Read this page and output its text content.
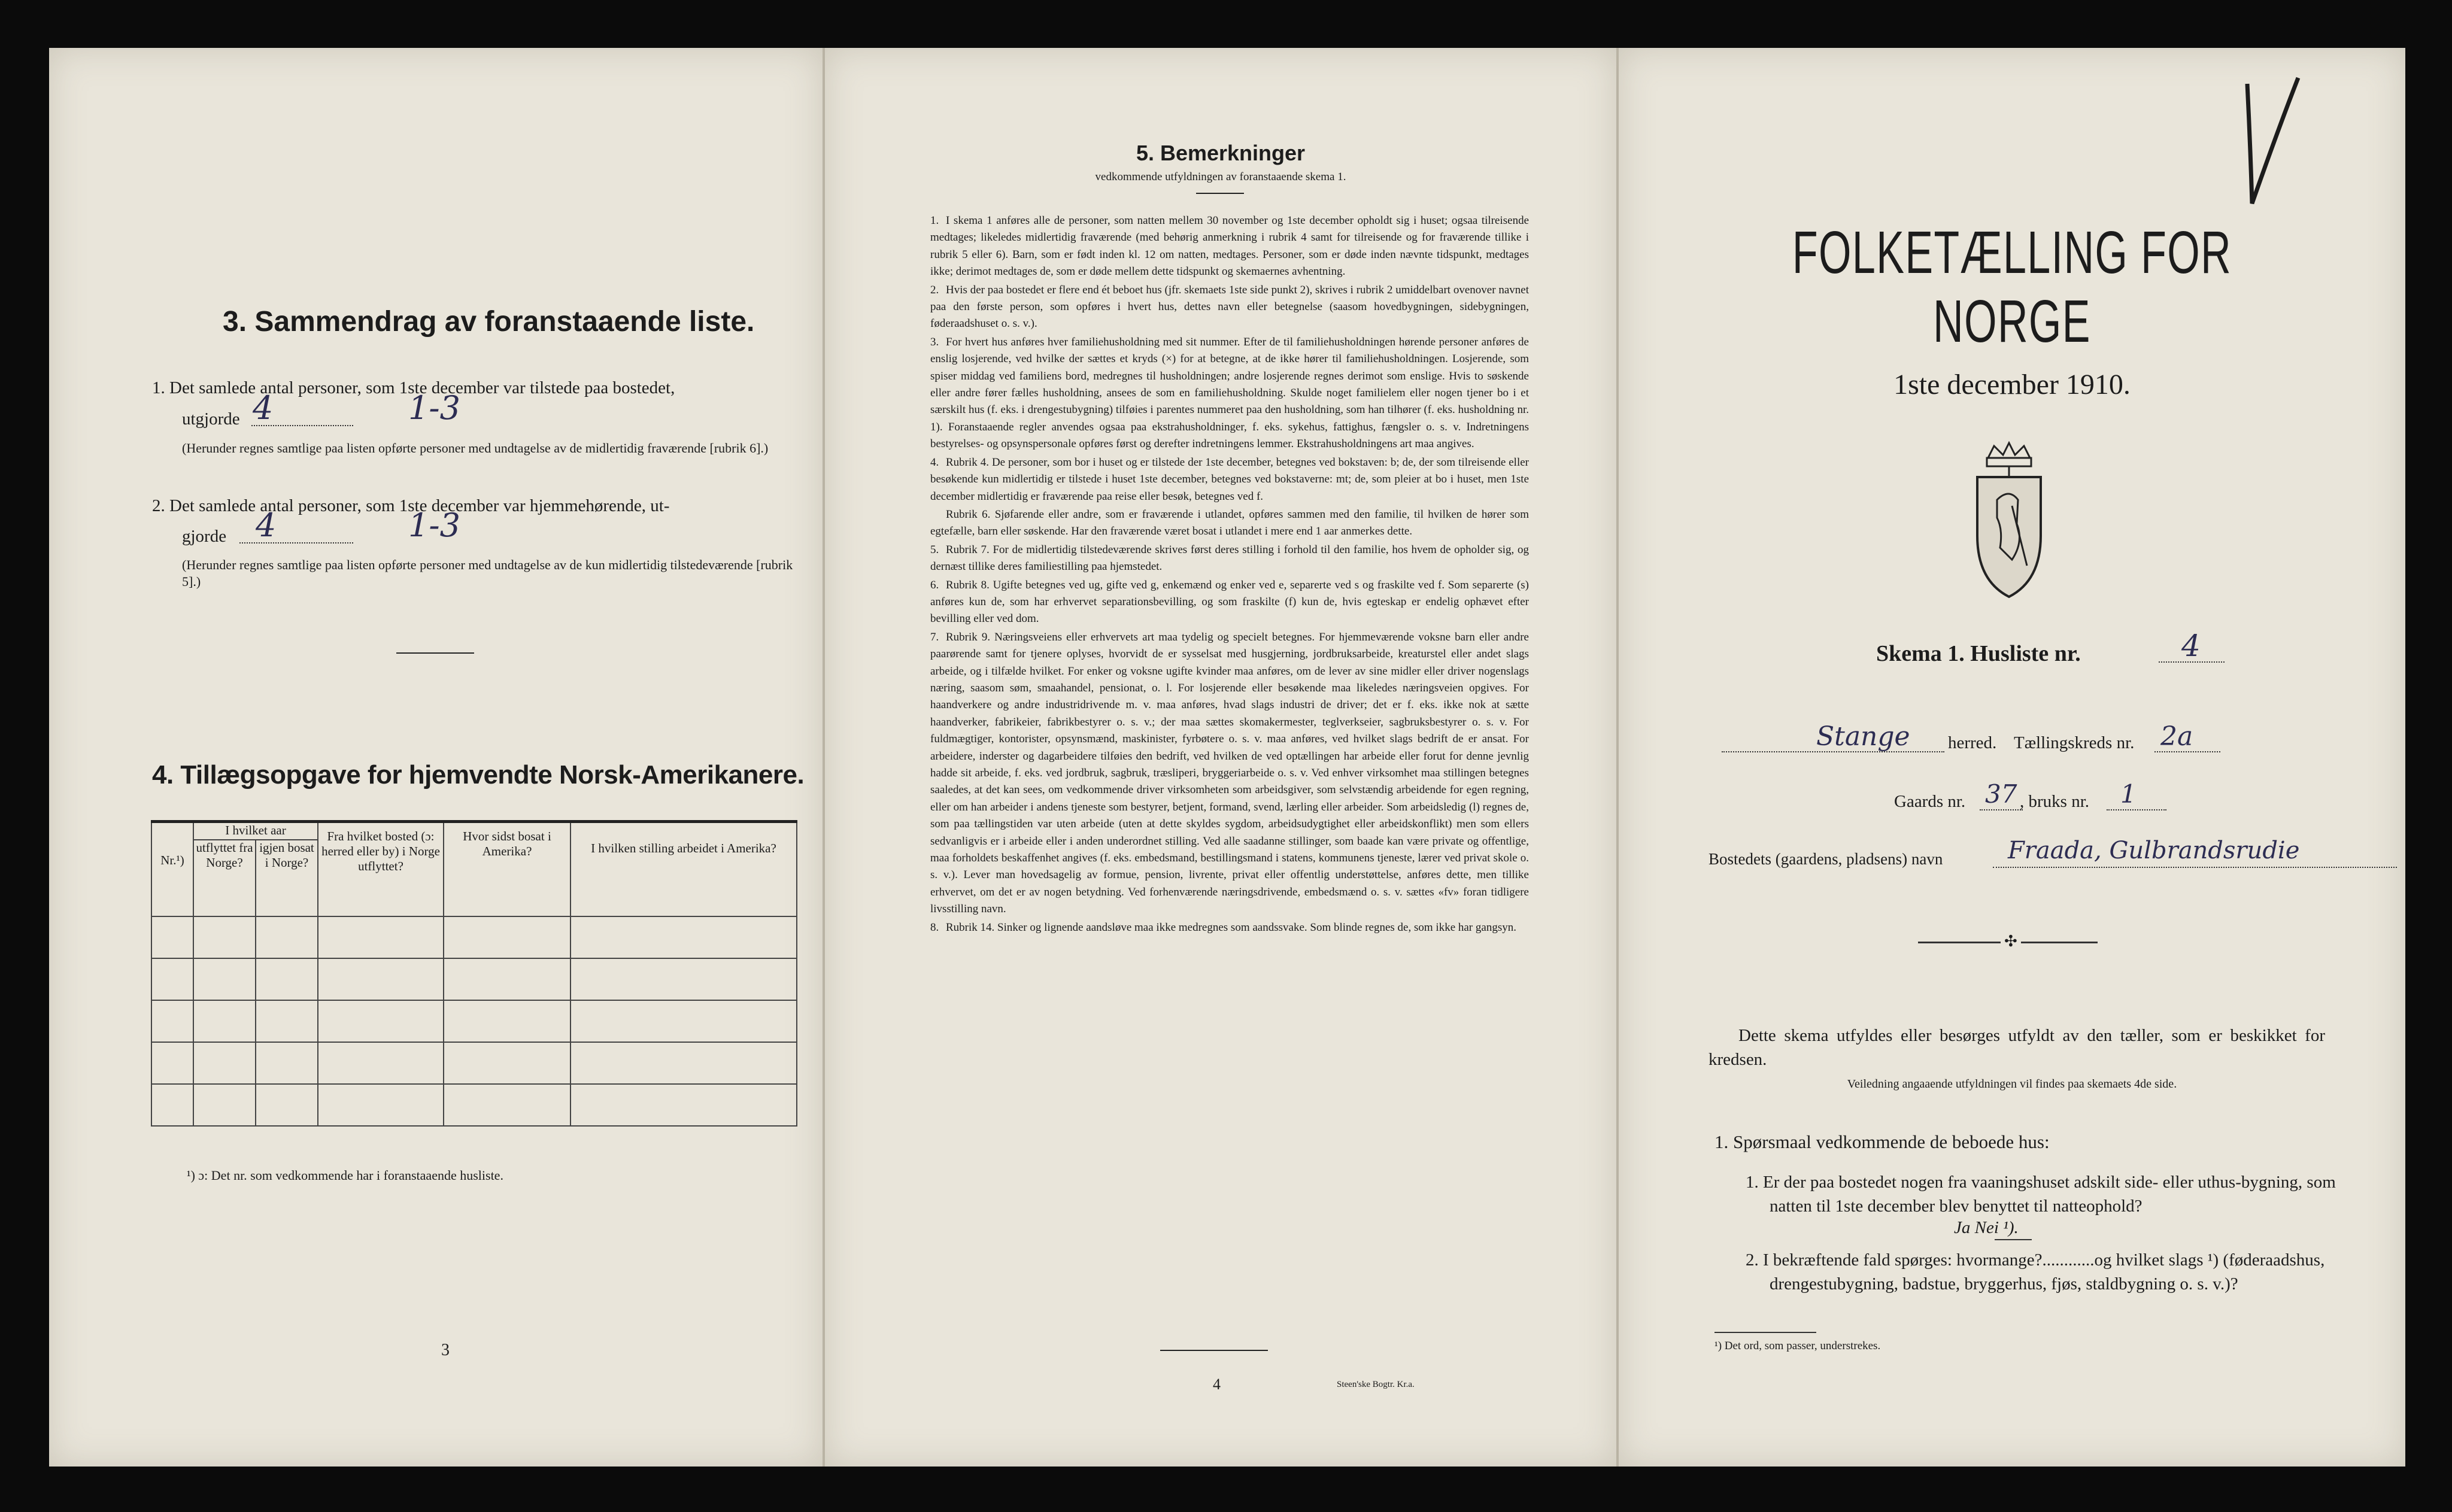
3. Sammendrag av foranstaaende liste.
1. Det samlede antal personer, som 1ste december var tilstede paa bostedet,
utgjorde 4	1-3
(Herunder regnes samtlige paa listen opførte personer med undtagelse av de midlertidig fraværende [rubrik 6].)
2. Det samlede antal personer, som 1ste december var hjemmehørende, ut-
gjorde 4	1-3
(Herunder regnes samtlige paa listen opførte personer med undtagelse av de kun midlertidig tilstedeværende [rubrik 5].)
4. Tillægsopgave for hjemvendte Norsk-Amerikanere.
Nr.¹)	I hvilket aar		Fra hvilket bosted (ɔ: herred eller by) i Norge utflyttet?	Hvor sidst bosat i Amerika?	I hvilken stilling arbeidet i Amerika?
	utflyttet fra Norge?	igjen bosat i Norge?			

¹) ɔ: Det nr. som vedkommende har i foranstaaende husliste.
3
5. Bemerkninger
vedkommende utfyldningen av foranstaaende skema 1.

1. I skema 1 anføres alle de personer, som natten mellem 30 november og 1ste december opholdt sig i huset; ogsaa tilreisende medtages; likeledes midlertidig fraværende (med behørig anmerkning i rubrik 4 samt for tilreisende og for fraværende tillike i rubrik 5 eller 6). Barn, som er født inden kl. 12 om natten, medtages. Personer, som er døde inden nævnte tidspunkt, medtages ikke; derimot medtages de, som er døde mellem dette tidspunkt og skemaernes avhentning.

2. Hvis der paa bostedet er flere end ét beboet hus (jfr. skemaets 1ste side punkt 2), skrives i rubrik 2 umiddelbart ovenover navnet paa den første person, som opføres i hvert hus, dettes navn eller betegnelse (saasom hovedbygningen, sidebygningen, føderaadshuset o. s. v.).

3. For hvert hus anføres hver familiehusholdning med sit nummer. Efter de til familiehusholdningen hørende personer anføres de enslig losjerende, ved hvilke der sættes et kryds (×) for at betegne, at de ikke hører til familiehusholdningen. Losjerende, som spiser middag ved familiens bord, medregnes til husholdningen; andre losjerende regnes derimot som enslige. Hvis to søskende eller andre fører fælles husholdning, ansees de som en familiehusholdning. Skulde noget familielem eller nogen tjener bo i et særskilt hus (f. eks. i drengestubygning) tilføies i parentes nummeret paa den husholdning, som han tilhører (f. eks. husholdning nr. 1). Foranstaaende regler anvendes ogsaa paa ekstrahusholdninger, f. eks. sykehus, fattighus, fængsler o. s. v. Indretningens bestyrelses- og opsynspersonale opføres først og derefter indretningens lemmer. Ekstrahusholdningens art maa angives.

4. Rubrik 4. De personer, som bor i huset og er tilstede der 1ste december, betegnes ved bokstaven: b; de, der som tilreisende eller besøkende kun midlertidig er tilstede i huset 1ste december, betegnes ved bokstaverne: mt; de, som pleier at bo i huset, men 1ste december midlertidig er fraværende paa reise eller besøk, betegnes ved f.

Rubrik 6. Sjøfarende eller andre, som er fraværende i utlandet, opføres sammen med den familie, til hvilken de hører som egtefælle, barn eller søskende. Har den fraværende været bosat i utlandet i mere end 1 aar anmerkes dette.

5. Rubrik 7. For de midlertidig tilstedeværende skrives først deres stilling i forhold til den familie, hos hvem de opholder sig, og dernæst tillike deres familiestilling paa hjemstedet.

6. Rubrik 8. Ugifte betegnes ved ug, gifte ved g, enkemænd og enker ved e, separerte ved s og fraskilte ved f. Som separerte (s) anføres kun de, som har erhvervet separationsbevilling, og som fraskilte (f) kun de, hvis egteskap er endelig ophævet efter bevilling eller ved dom.

7. Rubrik 9. Næringsveiens eller erhvervets art maa tydelig og specielt betegnes. For hjemmeværende voksne barn eller andre paarørende samt for tjenere oplyses, hvorvidt de er sysselsat med husgjerning, jordbruksarbeide, kreaturstel eller andet slags arbeide, og i tilfælde hvilket. For enker og voksne ugifte kvinder maa anføres, om de lever av sine midler eller driver nogenslags næring, saasom søm, smaahandel, pensionat, o. l. For losjerende eller besøkende maa likeledes næringsveien opgives. For haandverkere og andre industridrivende m. v. maa anføres, hvad slags industri de driver; det er f. eks. ikke nok at sætte haandverker, fabrikeier, fabrikbestyrer o. s. v.; der maa sættes skomakermester, teglverkseier, sagbruksbestyrer o. s. v. For fuldmægtiger, kontorister, opsynsmænd, maskinister, fyrbøtere o. s. v. maa anføres, ved hvilket slags bedrift de er ansat. For arbeidere, inderster og dagarbeidere tilføies den bedrift, ved hvilken de ved optællingen har arbeide eller forut for denne jevnlig hadde sit arbeide, f. eks. ved jordbruk, sagbruk, træsliperi, bryggeriarbeide o. s. v. Ved enhver virksomhet maa stillingen betegnes saaledes, at det kan sees, om vedkommende driver virksomheten som arbeidsgiver, som selvstændig arbeidende for egen regning, eller om han arbeider i andens tjeneste som bestyrer, betjent, formand, svend, lærling eller arbeider. Som arbeidsledig (l) regnes de, som paa tællingstiden var uten arbeide (uten at dette skyldes sygdom, arbeidsudygtighet eller arbeidskonflikt) men som ellers sedvanligvis er i arbeide eller i anden underordnet stilling. Ved alle saadanne stillinger, som baade kan være private og offentlige, maa forholdets beskaffenhet angives (f. eks. embedsmand, bestillingsmand i statens, kommunens tjeneste, lærer ved privat skole o. s. v.). Lever man hovedsagelig av formue, pension, livrente, privat eller offentlig understøttelse, anføres dette, men tillike erhvervet, om det er av nogen betydning. Ved forhenværende næringsdrivende, embedsmænd o. s. v. sættes «fv» foran tidligere livsstilling navn.

8. Rubrik 14. Sinker og lignende aandsløve maa ikke medregnes som aandssvake. Som blinde regnes de, som ikke har gangsyn.

4	Steen'ske Bogtr. Kr.a.
FOLKETÆLLING FOR NORGE
1ste december 1910.
Skema 1. Husliste nr.	4
Stange herred. Tællingskreds nr. 2a
Gaards nr. 37 , bruks nr. 1
Bostedets (gaardens, pladsens) navn	Fraada, Gulbrandsrudie
✣
Dette skema utfyldes eller besørges utfyldt av den tæller, som er beskikket for kredsen.
Veiledning angaaende utfyldningen vil findes paa skemaets 4de side.
1. Spørsmaal vedkommende de beboede hus:
1. Er der paa bostedet nogen fra vaaningshuset adskilt side- eller uthus-bygning, som natten til 1ste december blev benyttet til natteophold?
Ja Nei ¹).
2. I bekræftende fald spørges: hvormange?............og hvilket slags ¹) (føderaadshus, drengestubygning, badstue, bryggerhus, fjøs, staldbygning o. s. v.)?
¹) Det ord, som passer, understrekes.
